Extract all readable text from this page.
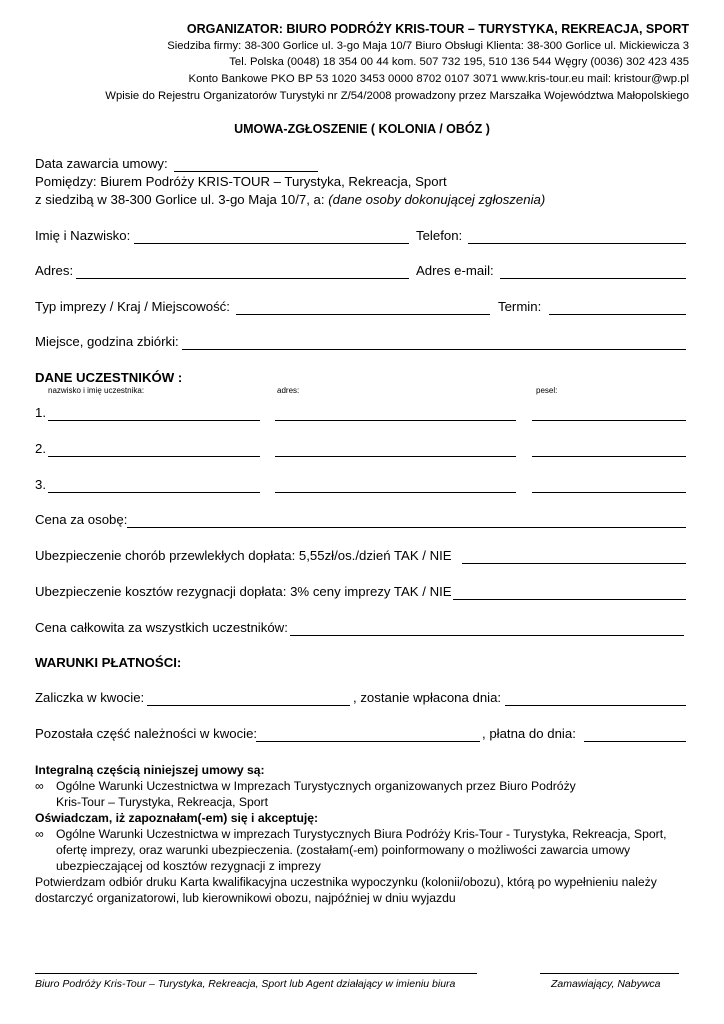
ORGANIZATOR: BIURO PODRÓŻY KRIS-TOUR – TURYSTYKA, REKREACJA, SPORT
Siedziba firmy: 38-300 Gorlice ul. 3-go Maja 10/7 Biuro Obsługi Klienta: 38-300 Gorlice ul. Mickiewicza 3
Tel. Polska (0048) 18 354 00 44 kom. 507 732 195, 510 136 544 Węgry (0036) 302 423 435
Konto Bankowe PKO BP 53 1020 3453 0000 8702 0107 3071 www.kris-tour.eu mail: kristour@wp.pl
Wpisie do Rejestru Organizatorów Turystyki nr Z/54/2008 prowadzony przez Marszałka Województwa Małopolskiego
UMOWA-ZGŁOSZENIE ( KOLONIA / OBÓZ )
Data zawarcia umowy:
Pomiędzy: Biurem Podróży KRIS-TOUR – Turystyka, Rekreacja, Sport
z siedzibą w 38-300 Gorlice ul. 3-go Maja 10/7, a: (dane osoby dokonującej zgłoszenia)
Imię i Nazwisko:	Telefon:
Adres:	Adres e-mail:
Typ imprezy / Kraj / Miejscowość:	Termin:
Miejsce, godzina zbiórki:
DANE UCZESTNIKÓW :
nazwisko i imię uczestnika:	adres:	pesel:
1.
2.
3.
Cena za osobę:
Ubezpieczenie chorób przewlekłych dopłata: 5,55zł/os./dzień TAK / NIE
Ubezpieczenie kosztów rezygnacji dopłata: 3% ceny imprezy TAK / NIE
Cena całkowita za wszystkich uczestników:
WARUNKI PŁATNOŚCI:
Zaliczka w kwocie:	, zostanie wpłacona dnia:
Pozostała część należności w kwocie:	, płatna do dnia:
Integralną częścią niniejszej umowy są:
∞ Ogólne Warunki Uczestnictwa w Imprezach Turystycznych organizowanych przez Biuro Podróży
Kris-Tour – Turystyka, Rekreacja, Sport
Oświadczam, iż zapoznałam(-em) się i akceptuję:
∞ Ogólne Warunki Uczestnictwa w imprezach Turystycznych Biura Podróży Kris-Tour - Turystyka, Rekreacja, Sport,
ofertę imprezy, oraz warunki ubezpieczenia. (zostałam(-em) poinformowany o możliwości zawarcia umowy
ubezpieczającej od kosztów rezygnacji z imprezy
Potwierdzam odbiór druku Karta kwalifikacyjna uczestnika wypoczynku (kolonii/obozu), którą po wypełnieniu należy
dostarczyć organizatorowi, lub kierownikowi obozu, najpóźniej w dniu wyjazdu
Biuro Podróży Kris-Tour – Turystyka, Rekreacja, Sport lub Agent działający w imieniu biura	Zamawiający, Nabywca
